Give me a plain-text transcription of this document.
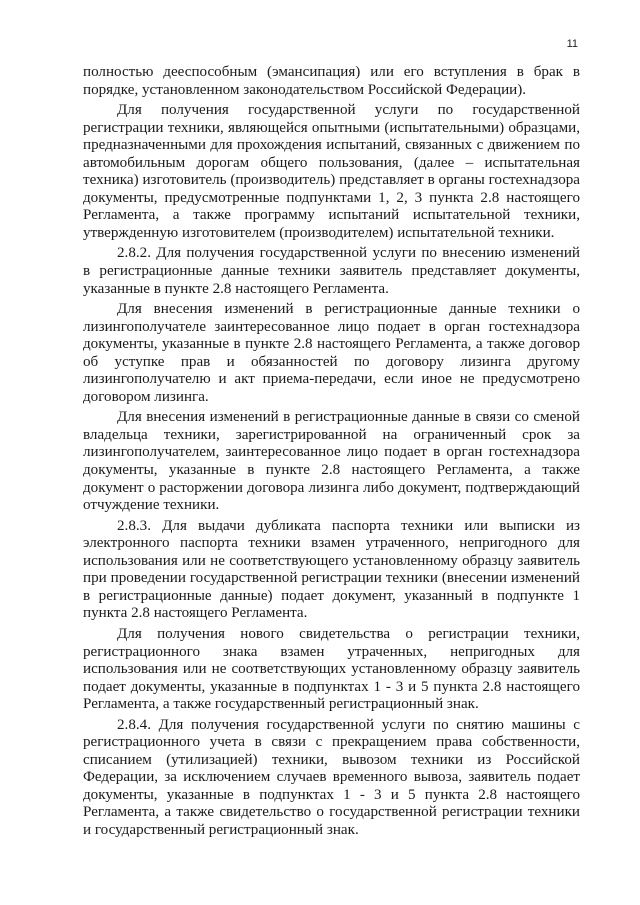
11

полностью дееспособным (эмансипация) или его вступления в брак в порядке, установленном законодательством Российской Федерации).

Для получения государственной услуги по государственной регистрации техники, являющейся опытными (испытательными) образцами, предназначенными для прохождения испытаний, связанных с движением по автомобильным дорогам общего пользования, (далее – испытательная техника) изготовитель (производитель) представляет в органы гостехнадзора документы, предусмотренные подпунктами 1, 2, 3 пункта 2.8 настоящего Регламента, а также программу испытаний испытательной техники, утвержденную изготовителем (производителем) испытательной техники.

2.8.2. Для получения государственной услуги по внесению изменений в регистрационные данные техники заявитель представляет документы, указанные в пункте 2.8 настоящего Регламента.

Для внесения изменений в регистрационные данные техники о лизингополучателе заинтересованное лицо подает в орган гостехнадзора документы, указанные в пункте 2.8 настоящего Регламента, а также договор об уступке прав и обязанностей по договору лизинга другому лизингополучателю и акт приема-передачи, если иное не предусмотрено договором лизинга.

Для внесения изменений в регистрационные данные в связи со сменой владельца техники, зарегистрированной на ограниченный срок за лизингополучателем, заинтересованное лицо подает в орган гостехнадзора документы, указанные в пункте 2.8 настоящего Регламента, а также документ о расторжении договора лизинга либо документ, подтверждающий отчуждение техники.

2.8.3. Для выдачи дубликата паспорта техники или выписки из электронного паспорта техники взамен утраченного, непригодного для использования или не соответствующего установленному образцу заявитель при проведении государственной регистрации техники (внесении изменений в регистрационные данные) подает документ, указанный в подпункте 1 пункта 2.8 настоящего Регламента.

Для получения нового свидетельства о регистрации техники, регистрационного знака взамен утраченных, непригодных для использования или не соответствующих установленному образцу заявитель подает документы, указанные в подпунктах 1 - 3 и 5 пункта 2.8 настоящего Регламента, а также государственный регистрационный знак.

2.8.4. Для получения государственной услуги по снятию машины с регистрационного учета в связи с прекращением права собственности, списанием (утилизацией) техники, вывозом техники из Российской Федерации, за исключением случаев временного вывоза, заявитель подает документы, указанные в подпунктах 1 - 3 и 5 пункта 2.8 настоящего Регламента, а также свидетельство о государственной регистрации техники и государственный регистрационный знак.
